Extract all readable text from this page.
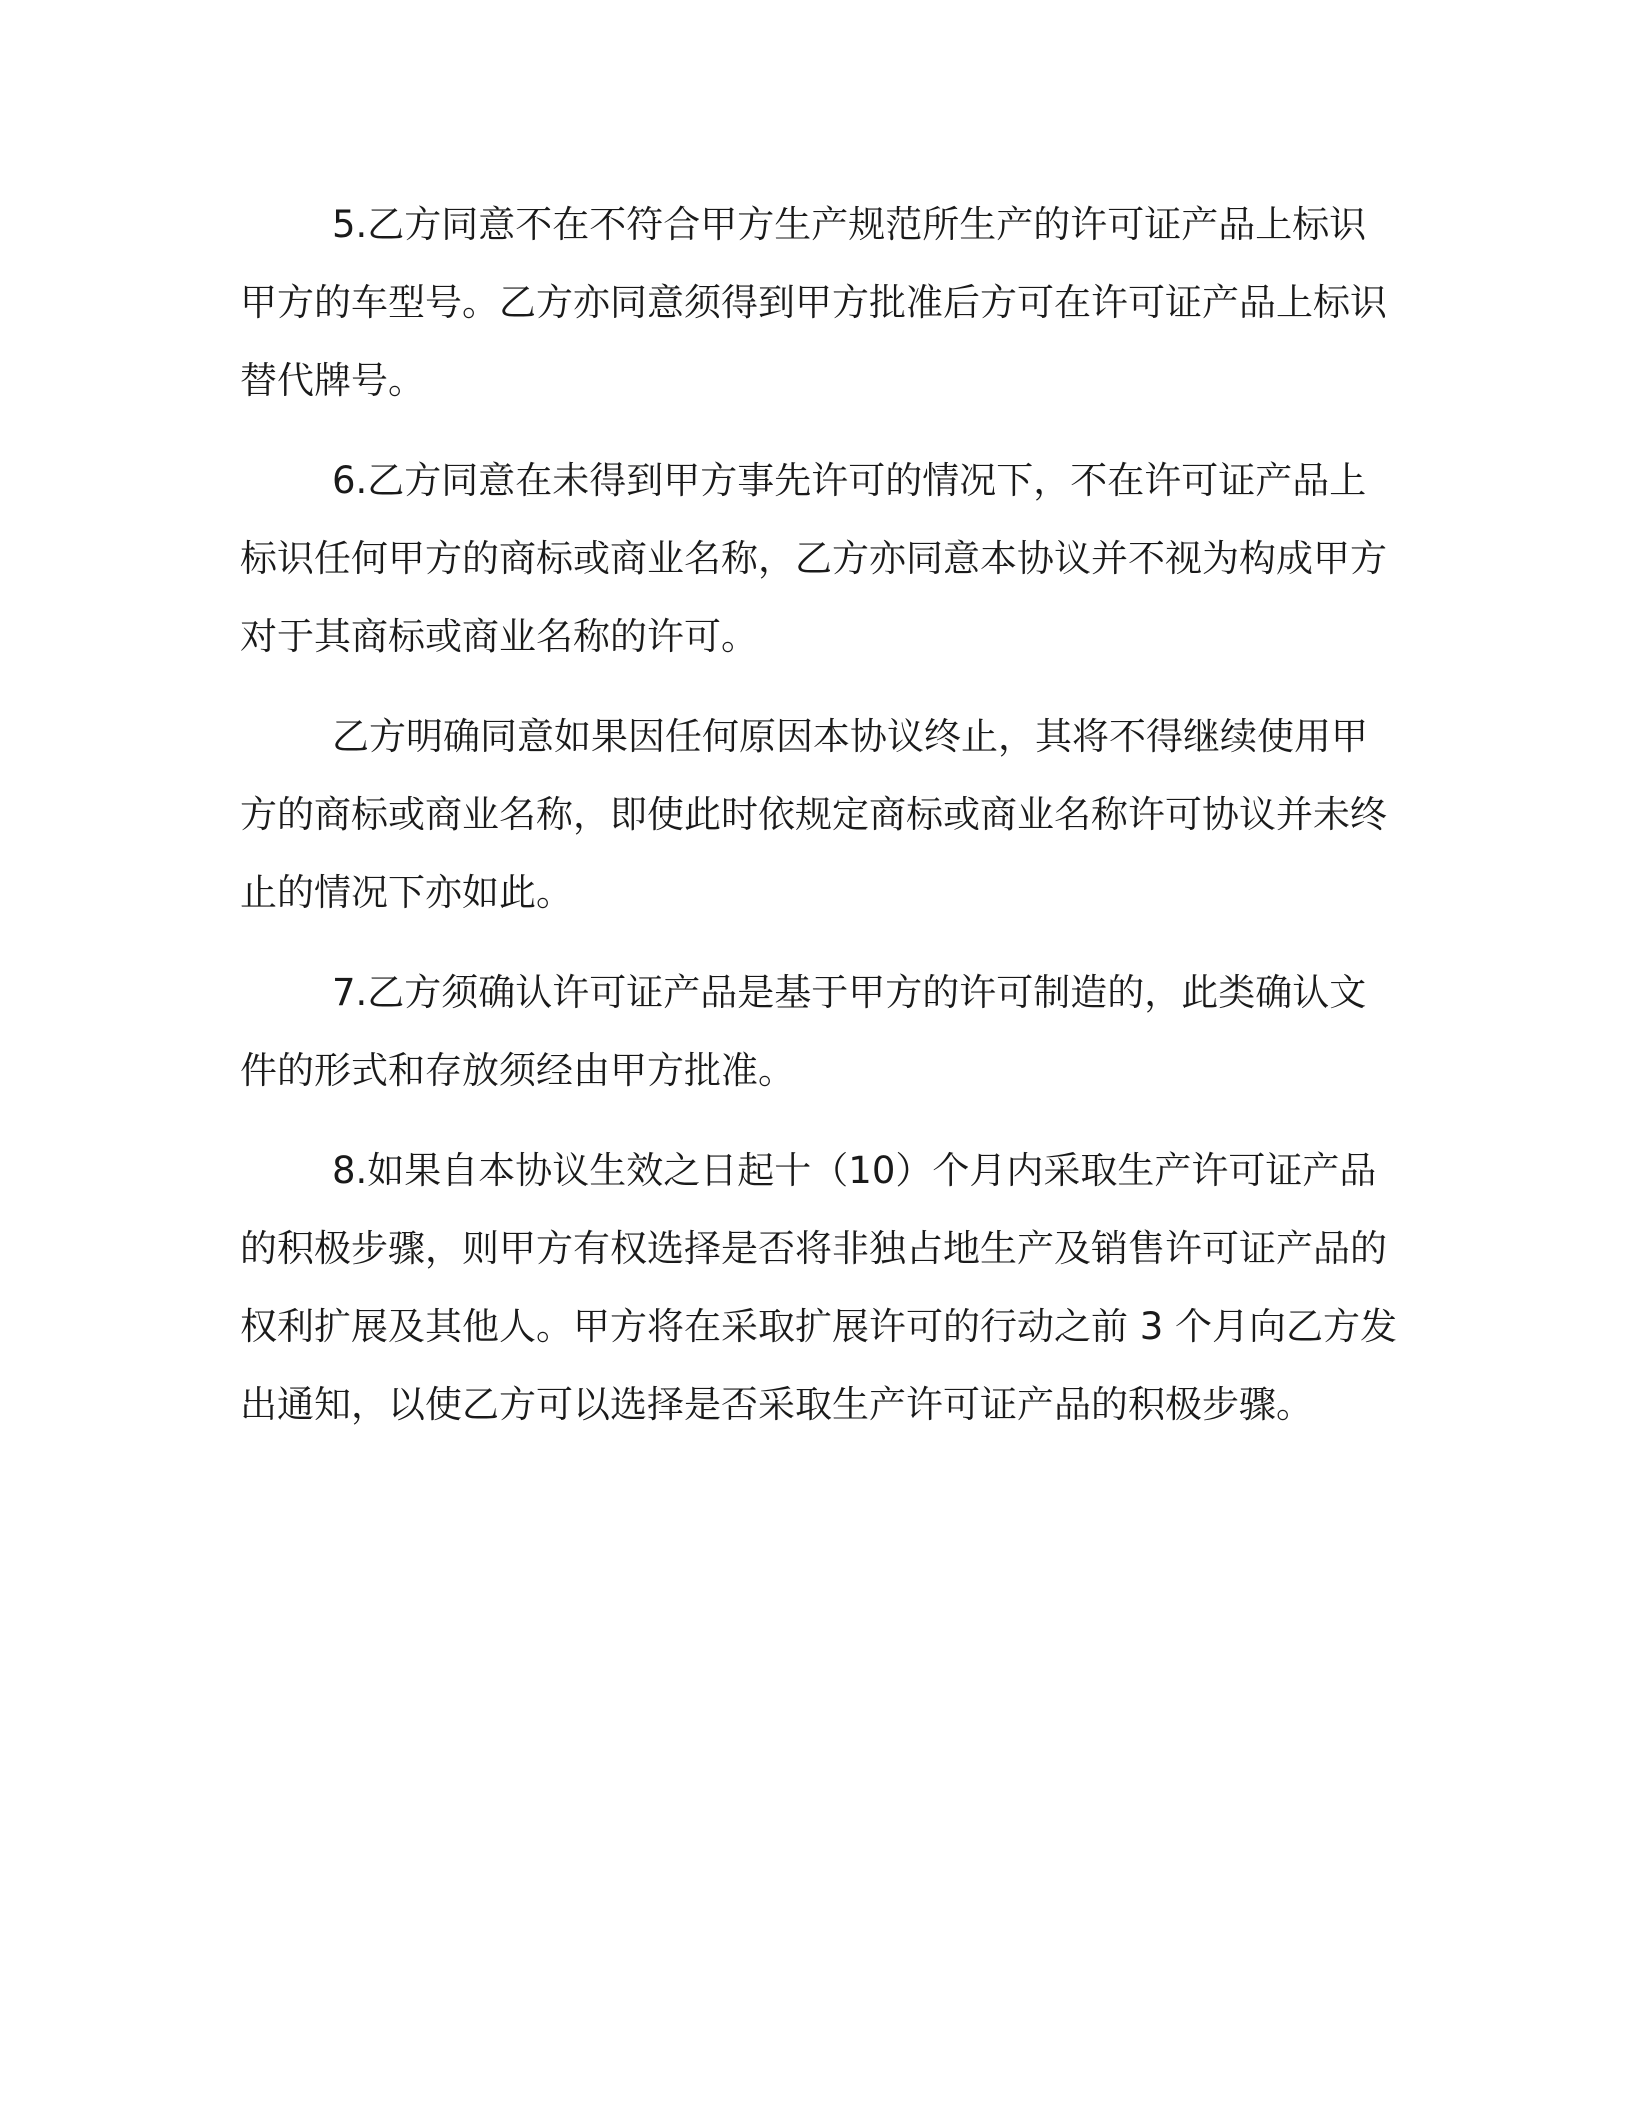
5.乙方同意不在不符合甲方生产规范所生产的许可证产品上标识甲方的车型号。乙方亦同意须得到甲方批准后方可在许可证产品上标识替代牌号。

6.乙方同意在未得到甲方事先许可的情况下，不在许可证产品上标识任何甲方的商标或商业名称，乙方亦同意本协议并不视为构成甲方对于其商标或商业名称的许可。

乙方明确同意如果因任何原因本协议终止，其将不得继续使用甲方的商标或商业名称，即使此时依规定商标或商业名称许可协议并未终止的情况下亦如此。

7.乙方须确认许可证产品是基于甲方的许可制造的，此类确认文件的形式和存放须经由甲方批准。

8.如果自本协议生效之日起十（10）个月内采取生产许可证产品的积极步骤，则甲方有权选择是否将非独占地生产及销售许可证产品的权利扩展及其他人。甲方将在采取扩展许可的行动之前 3 个月向乙方发出通知，以使乙方可以选择是否采取生产许可证产品的积极步骤。
